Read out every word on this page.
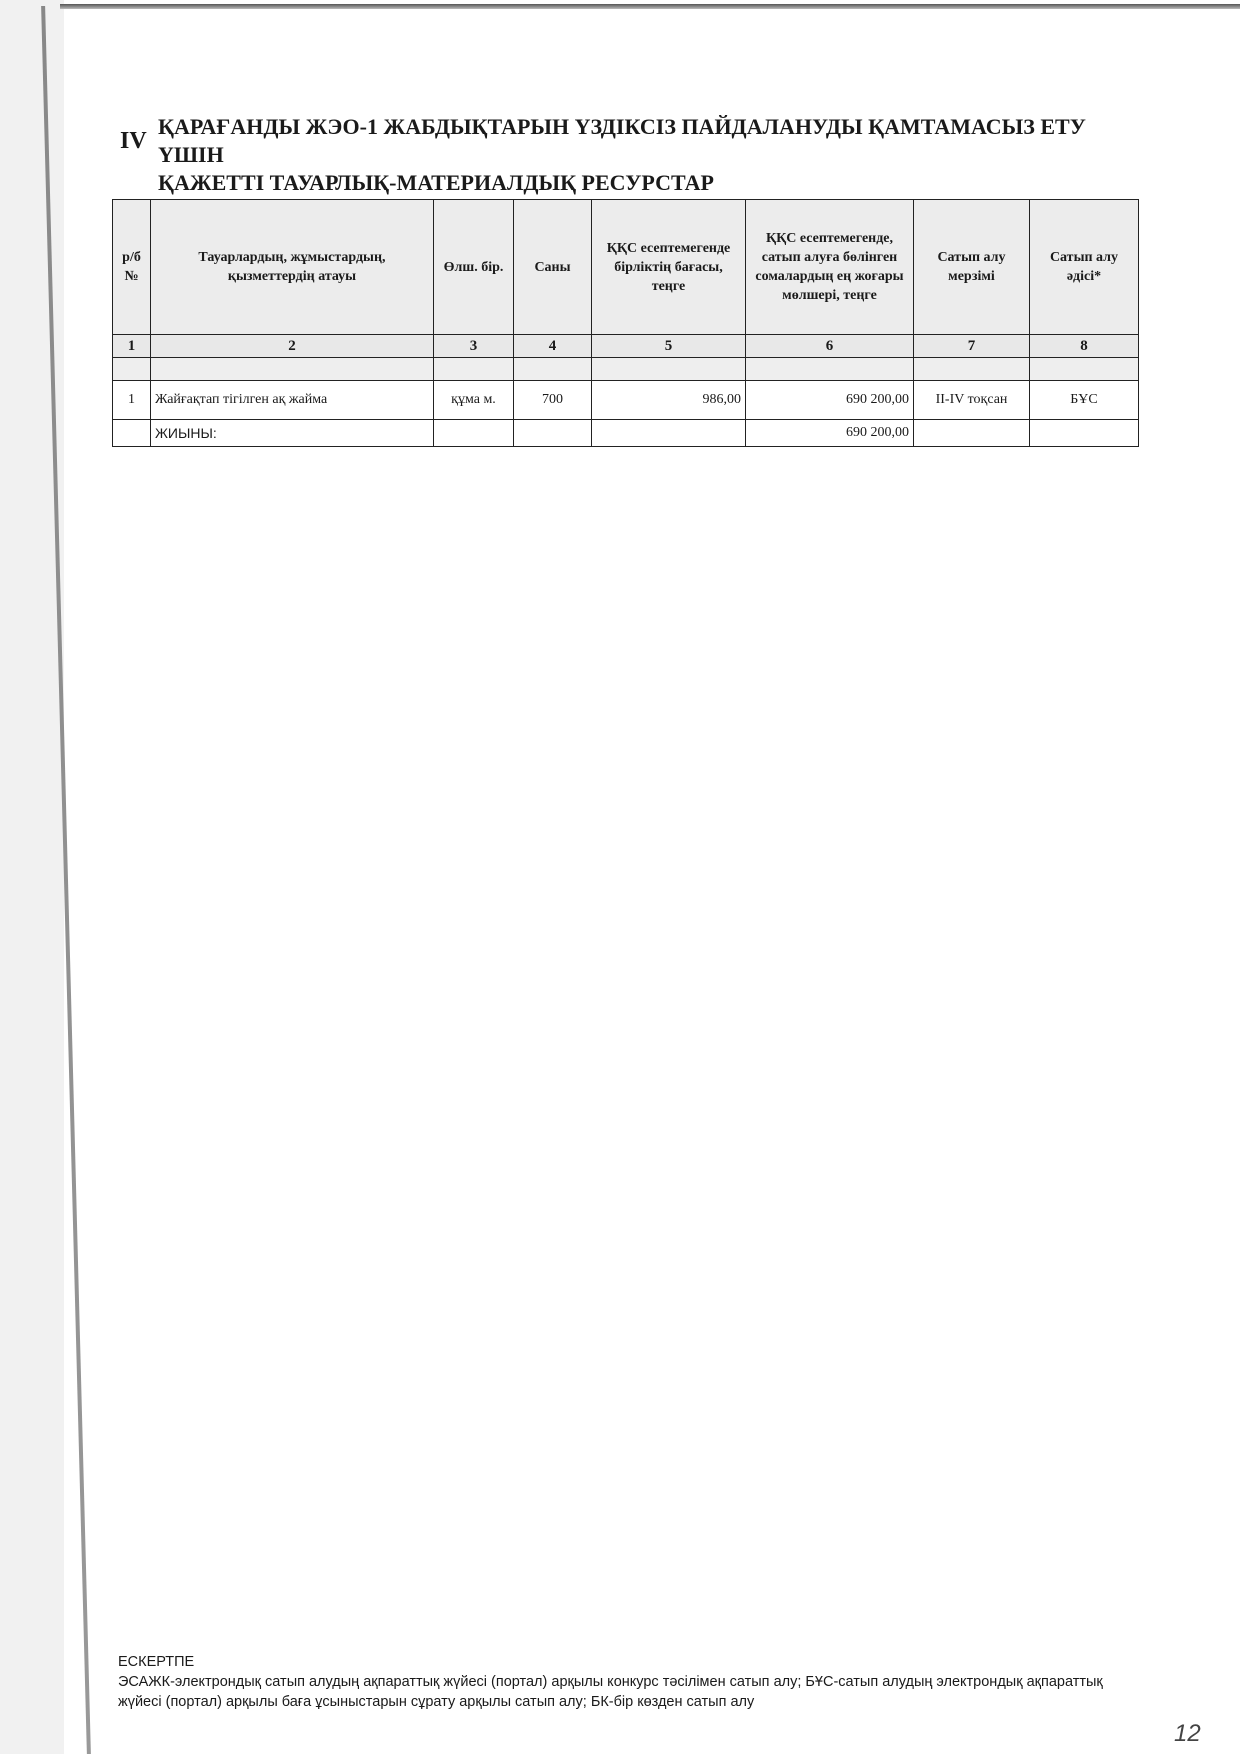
IV
ҚАРАҒАНДЫ ЖЭО-1 ЖАБДЫҚТАРЫН ҮЗДІКСІЗ ПАЙДАЛАНУДЫ ҚАМТАМАСЫЗ ЕТУ ҮШІН
ҚАЖЕТТІ ТАУАРЛЫҚ-МАТЕРИАЛДЫҚ РЕСУРСТАР
р/б №	Тауарлардың, жұмыстардың, қызметтердің атауы	Өлш. бір.	Саны	ҚҚС есептемегенде бірліктің бағасы, теңге	ҚҚС есептемегенде, сатып алуға бөлінген сомалардың ең жоғары мөлшері, теңге	Сатып алу мерзімі	Сатып алу әдісі*
1	2	3	4	5	6	7	8

1	Жайғақтап тігілген ақ жайма	құма м.	700	986,00	690 200,00	II-IV тоқсан	БҰС
	ЖИЫНЫ:				690 200,00		
ЕСКЕРТПЕ
ЭСАЖК-электрондық сатып алудың ақпараттық жүйесі (портал) арқылы конкурс тәсілімен сатып алу; БҰС-сатып алудың электрондық ақпараттық
жүйесі (портал) арқылы баға ұсыныстарын сұрату арқылы сатып алу; БК-бір көзден сатып алу
12
